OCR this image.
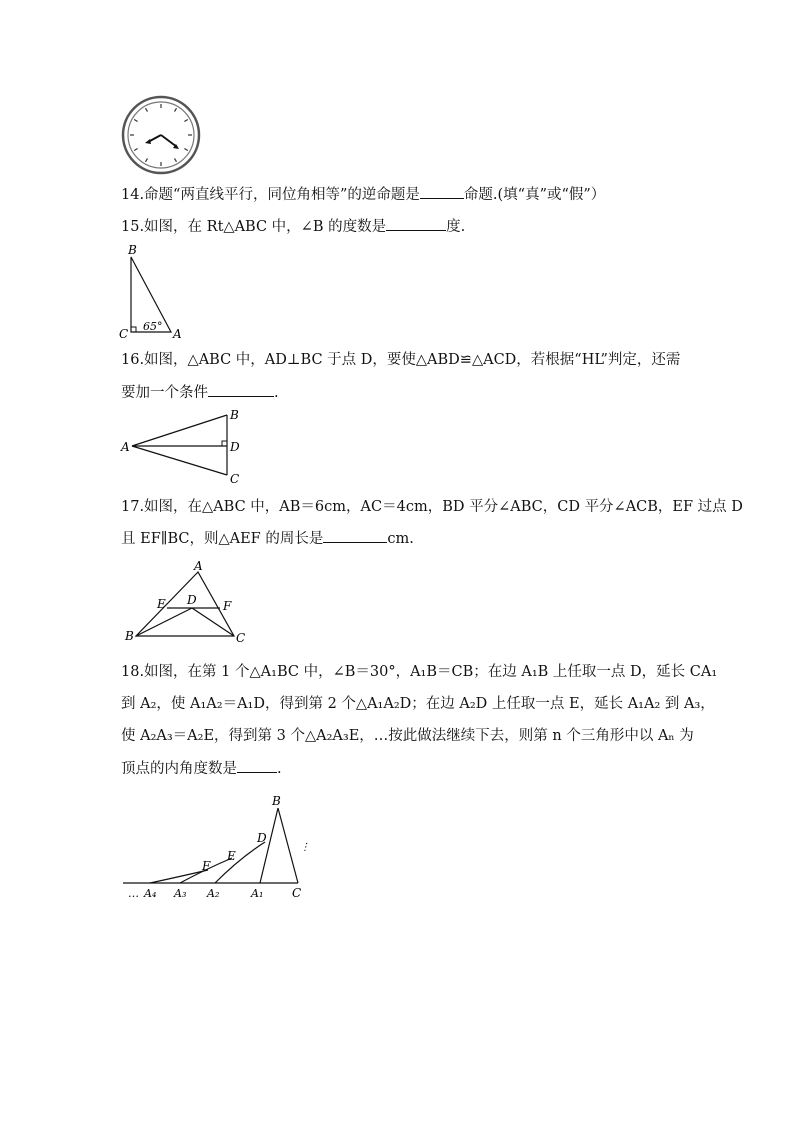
14.命题“两直线平行，同位角相等”的逆命题是	命题.(填“真”或“假”）
15.如图，在 Rt△ABC 中，∠B 的度数是	度.
B
C	A
65°
16.如图，△ABC 中，AD⊥BC 于点 D，要使△ABD≌△ACD，若根据“HL”判定，还需
要加一个条件	.
A
B
D
C
17.如图，在△ABC 中，AB＝6cm，AC＝4cm，BD 平分∠ABC，CD 平分∠ACB，EF 过点 D
且 EF∥BC，则△AEF 的周长是	cm.
A
E D F
B	C
18.如图，在第 1 个△A₁BC 中，∠B＝30°，A₁B＝CB；在边 A₁B 上任取一点 D，延长 CA₁
到 A₂，使 A₁A₂＝A₁D，得到第 2 个△A₁A₂D；在边 A₂D 上任取一点 E，延长 A₁A₂ 到 A₃，
使 A₂A₃＝A₂E，得到第 3 个△A₂A₃E，…按此做法继续下去，则第 n 个三角形中以 Aₙ 为
顶点的内角度数是	.
B
D
E
F
… A₄ A₃ A₂	A₁ C
⋮
